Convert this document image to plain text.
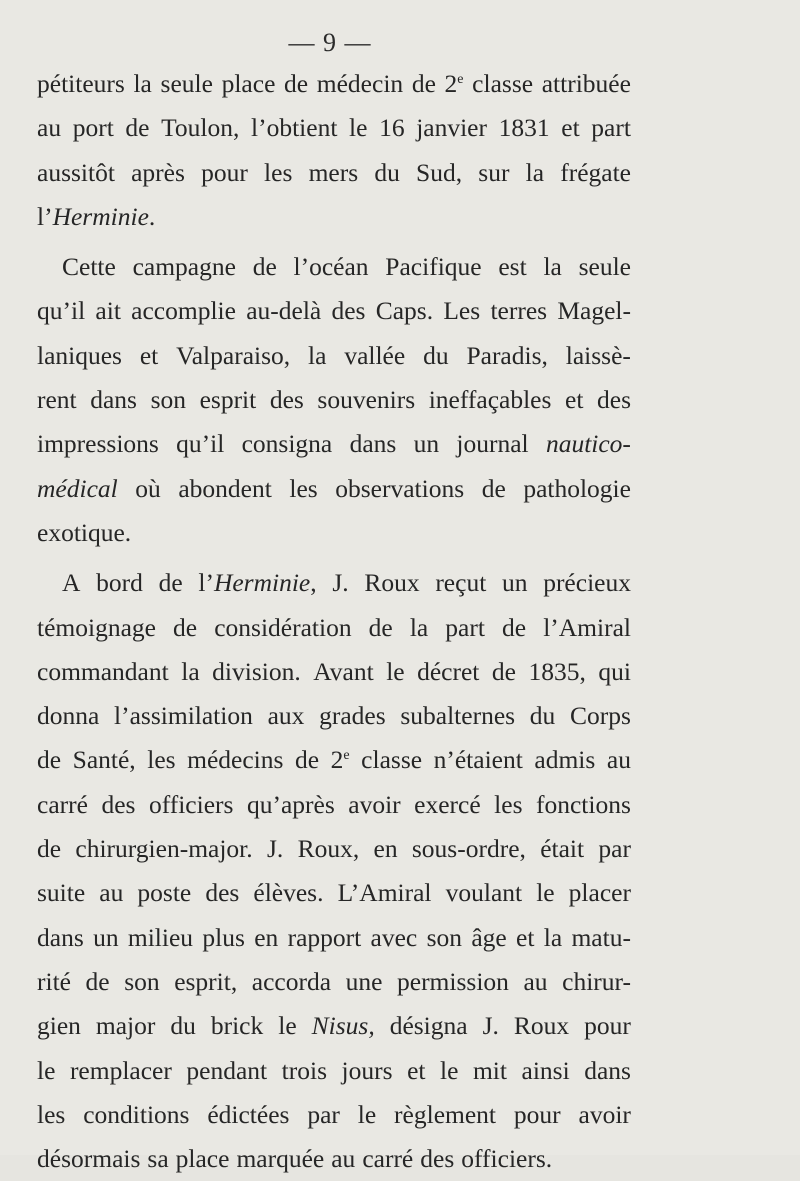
— 9 —
pétiteurs la seule place de médecin de 2e classe attribuée
au port de Toulon, l’obtient le 16 janvier 1831 et part
aussitôt après pour les mers du Sud, sur la frégate
l’Herminie.
Cette campagne de l’océan Pacifique est la seule
qu’il ait accomplie au-delà des Caps. Les terres Magel-
laniques et Valparaiso, la vallée du Paradis, laissè-
rent dans son esprit des souvenirs ineffaçables et des
impressions qu’il consigna dans un journal nautico-
médical où abondent les observations de pathologie
exotique.
A bord de l’Herminie, J. Roux reçut un précieux
témoignage de considération de la part de l’Amiral
commandant la division. Avant le décret de 1835, qui
donna l’assimilation aux grades subalternes du Corps
de Santé, les médecins de 2e classe n’étaient admis au
carré des officiers qu’après avoir exercé les fonctions
de chirurgien-major. J. Roux, en sous-ordre, était par
suite au poste des élèves. L’Amiral voulant le placer
dans un milieu plus en rapport avec son âge et la matu-
rité de son esprit, accorda une permission au chirur-
gien major du brick le Nisus, désigna J. Roux pour
le remplacer pendant trois jours et le mit ainsi dans
les conditions édictées par le règlement pour avoir
désormais sa place marquée au carré des officiers.
